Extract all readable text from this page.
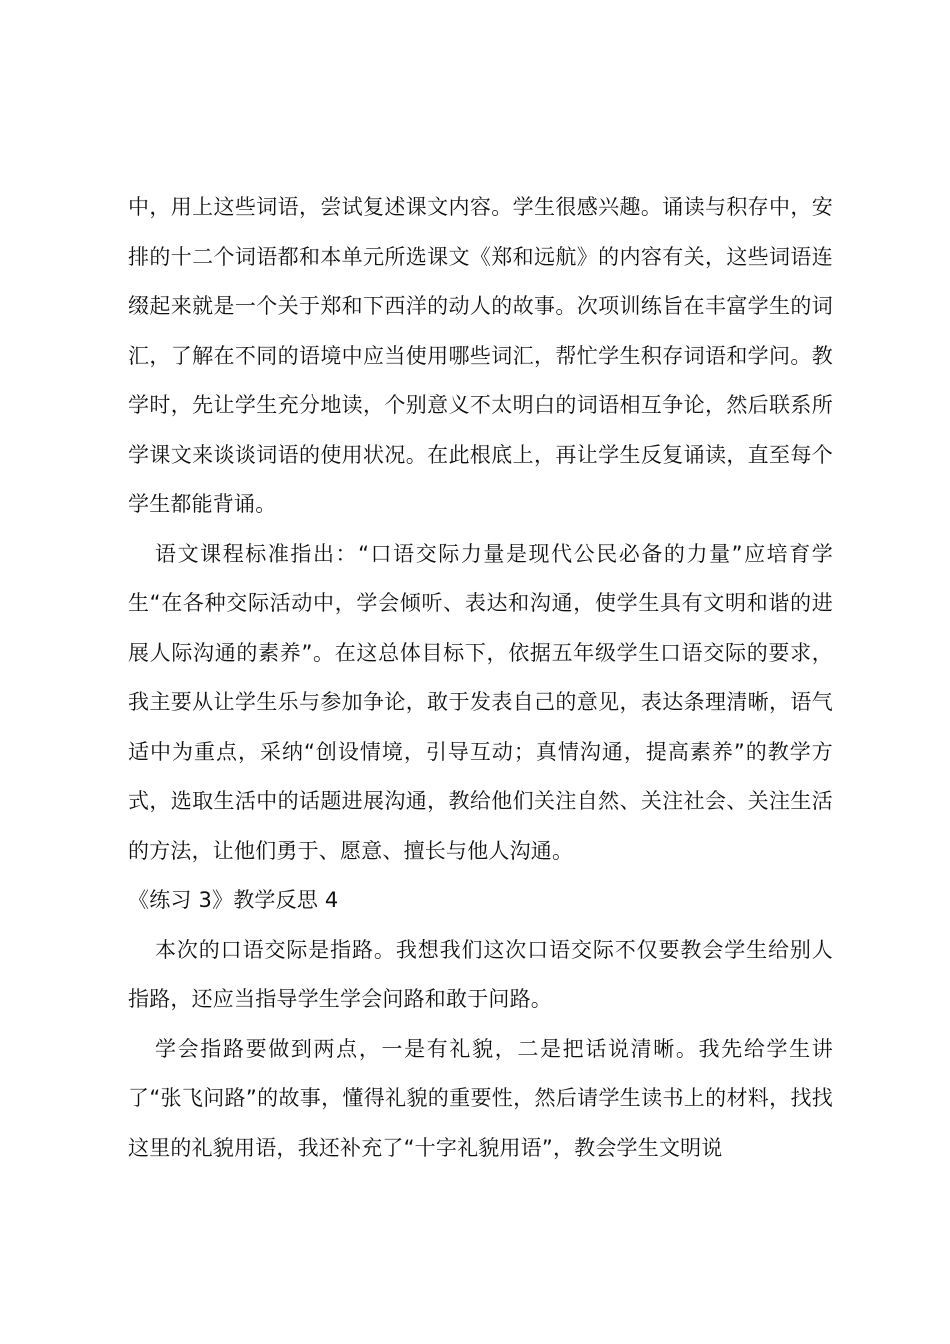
中，用上这些词语，尝试复述课文内容。学生很感兴趣。诵读与积存中，安排的十二个词语都和本单元所选课文《郑和远航》的内容有关，这些词语连缀起来就是一个关于郑和下西洋的动人的故事。次项训练旨在丰富学生的词汇，了解在不同的语境中应当使用哪些词汇，帮忙学生积存词语和学问。教学时，先让学生充分地读，个别意义不太明白的词语相互争论，然后联系所学课文来谈谈词语的使用状况。在此根底上，再让学生反复诵读，直至每个学生都能背诵。

语文课程标准指出：“口语交际力量是现代公民必备的力量”应培育学生“在各种交际活动中，学会倾听、表达和沟通，使学生具有文明和谐的进展人际沟通的素养”。在这总体目标下，依据五年级学生口语交际的要求，我主要从让学生乐与参加争论，敢于发表自己的意见，表达条理清晰，语气适中为重点，采纳“创设情境，引导互动；真情沟通，提高素养”的教学方式，选取生活中的话题进展沟通，教给他们关注自然、关注社会、关注生活的方法，让他们勇于、愿意、擅长与他人沟通。

《练习 3》教学反思 4

本次的口语交际是指路。我想我们这次口语交际不仅要教会学生给别人指路，还应当指导学生学会问路和敢于问路。

学会指路要做到两点，一是有礼貌，二是把话说清晰。我先给学生讲了“张飞问路”的故事，懂得礼貌的重要性，然后请学生读书上的材料，找找这里的礼貌用语，我还补充了“十字礼貌用语”，教会学生文明说
